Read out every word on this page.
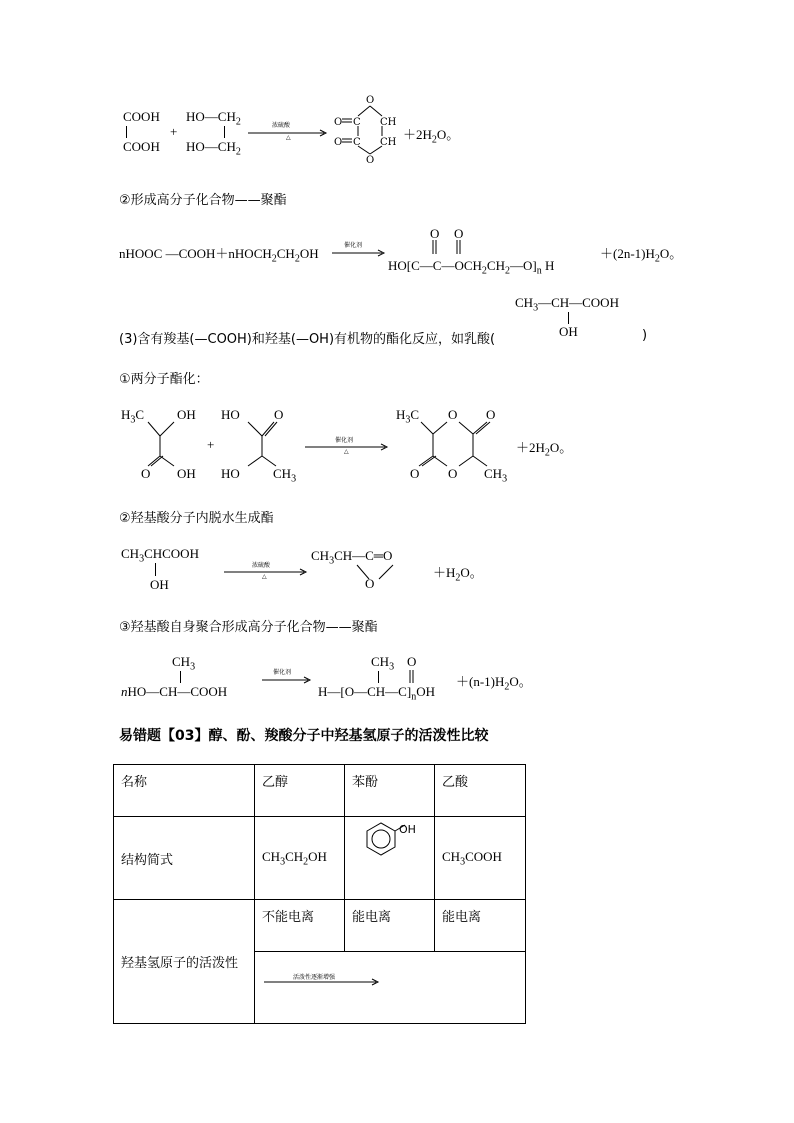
COOH
COOH
+
$HO—CH_2$
$HO—CH_2$
浓硫酸
△
O
O C CH
O C CH
O
$+2H_2O$。
②形成高分子化合物——聚酯
nHOOC $—COOH+nHOCH_2CH_2OH$
催化剂
O O
$HO[C—C—OCH_2CH_2—O]_n$ H
$+(2n-1)H_2O$。
$CH_3—CH—COOH$
OH
(3)含有羧基(—COOH)和羟基(—OH)有机物的酯化反应，如乳酸(	)
①两分子酯化：
$H_3C$	OH
O OH
+
HO	O
HO	$CH_3$
催化剂
△
$H_3C$ O O
O O $CH_3$
$+2H_2O$。
②羟基酸分子内脱水生成酯
$CH_3CHCOOH$
OH
浓硫酸
△
$CH_3CH—C═O$
O
$+H_2O$。
③羟基酸自身聚合形成高分子化合物——聚酯
$CH_3$
nHO—CH—COOH
催化剂
$CH_3$ O
$H—[O—CH—C]_nOH$
$+(n-1)H_2O$。
易错题【03】醇、酚、羧酸分子中羟基氢原子的活泼性比较
名称	乙醇	苯酚	乙酸
结构简式	$CH_3CH_2OH$	OH	$CH_3COOH$
羟基氢原子的活泼性	不能电离	能电离	能电离

	活泼性逐渐增强		
